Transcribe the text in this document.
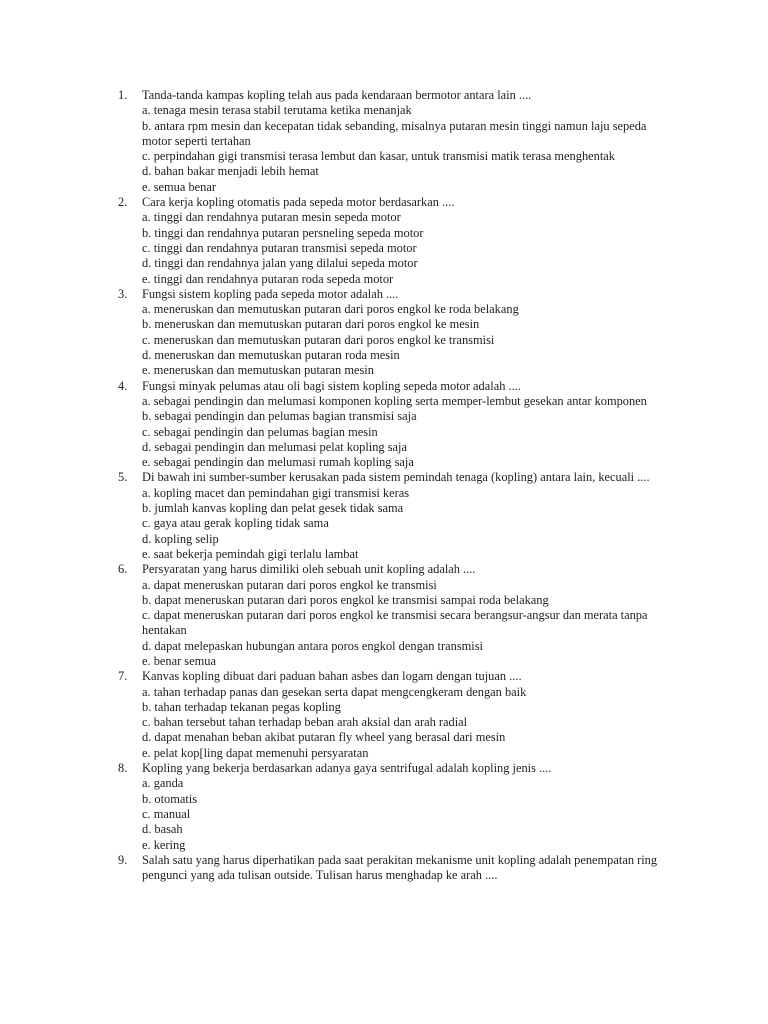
1.	Tanda-tanda kampas kopling telah aus pada kendaraan bermotor antara lain ....
a. tenaga mesin terasa stabil terutama ketika menanjak
b. antara rpm mesin dan kecepatan tidak sebanding, misalnya putaran mesin tinggi namun laju sepeda motor seperti tertahan
c. perpindahan gigi transmisi terasa lembut dan kasar, untuk transmisi matik terasa menghentak
d. bahan bakar menjadi lebih hemat
e. semua benar
2.	Cara kerja kopling otomatis pada sepeda motor berdasarkan ....
a. tinggi dan rendahnya putaran mesin sepeda motor
b. tinggi dan rendahnya putaran persneling sepeda motor
c. tinggi dan rendahnya putaran transmisi sepeda motor
d. tinggi dan rendahnya jalan yang dilalui sepeda motor
e. tinggi dan rendahnya putaran roda sepeda motor
3.	Fungsi sistem kopling pada sepeda motor adalah ....
a. meneruskan dan memutuskan putaran dari poros engkol ke roda belakang
b. meneruskan dan memutuskan putaran dari poros engkol ke mesin
c. meneruskan dan memutuskan putaran dari poros engkol ke transmisi
d. meneruskan dan memutuskan putaran roda mesin
e. meneruskan dan memutuskan putaran mesin
4.	Fungsi minyak pelumas atau oli bagi sistem kopling sepeda motor adalah ....
a. sebagai pendingin dan melumasi komponen kopling serta memper-lembut gesekan antar komponen
b. sebagai pendingin dan pelumas bagian transmisi saja
c. sebagai pendingin dan pelumas bagian mesin
d. sebagai pendingin dan melumasi pelat kopling saja
e. sebagai pendingin dan melumasi rumah kopling saja
5.	Di bawah ini sumber-sumber kerusakan pada sistem pemindah tenaga (kopling) antara lain, kecuali ....
a. kopling macet dan pemindahan gigi transmisi keras
b. jumlah kanvas kopling dan pelat gesek tidak sama
c. gaya atau gerak kopling tidak sama
d. kopling selip
e. saat bekerja pemindah gigi terlalu lambat
6.	Persyaratan yang harus dimiliki oleh sebuah unit kopling adalah ....
a. dapat meneruskan putaran dari poros engkol ke transmisi
b. dapat meneruskan putaran dari poros engkol ke transmisi sampai roda belakang
c. dapat meneruskan putaran dari poros engkol ke transmisi secara berangsur-angsur dan merata tanpa hentakan
d. dapat melepaskan hubungan antara poros engkol dengan transmisi
e. benar semua
7.	Kanvas kopling dibuat dari paduan bahan asbes dan logam dengan tujuan ....
a. tahan terhadap panas dan gesekan serta dapat mengcengkeram dengan baik
b. tahan terhadap tekanan pegas kopling
c. bahan tersebut tahan terhadap beban arah aksial dan arah radial
d. dapat menahan beban akibat putaran fly wheel yang berasal dari mesin
e. pelat kop[ling dapat memenuhi persyaratan
8.	Kopling yang bekerja berdasarkan adanya gaya sentrifugal adalah kopling jenis ....
a. ganda
b. otomatis
c. manual
d. basah
e. kering
9.	Salah satu yang harus diperhatikan pada saat perakitan mekanisme unit kopling adalah penempatan ring pengunci yang ada tulisan outside. Tulisan harus menghadap ke arah ....
